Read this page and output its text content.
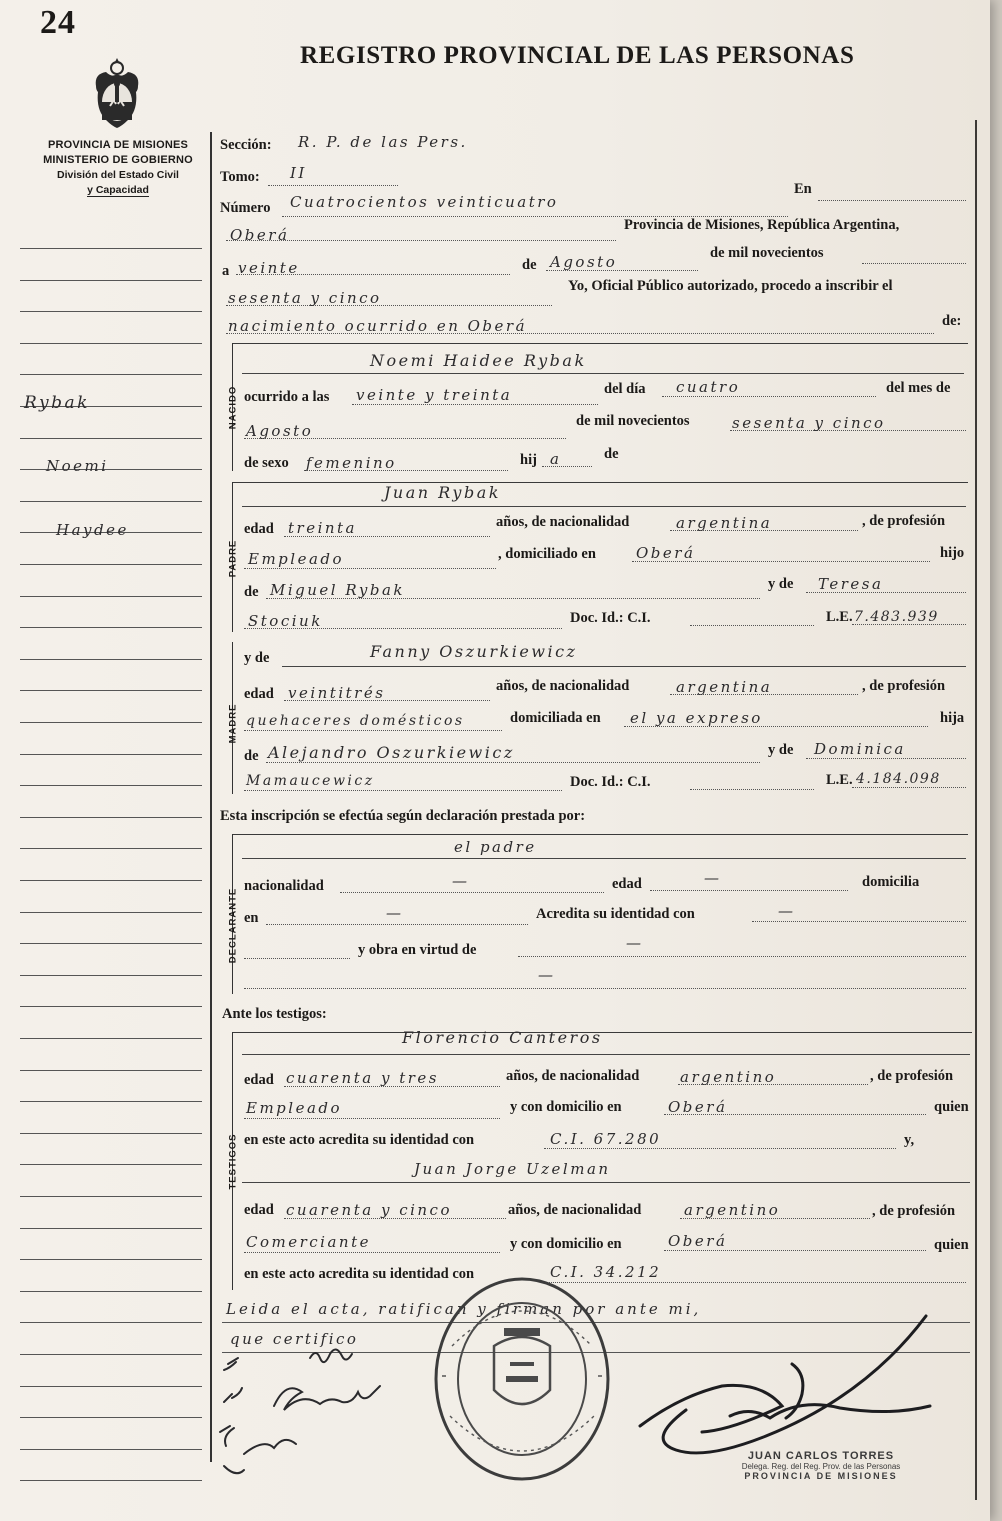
24
REGISTRO PROVINCIAL DE LAS PERSONAS
PROVINCIA DE MISIONES
MINISTERIO DE GOBIERNO
División del Estado Civil
y Capacidad
Rybak
Noemi
Haydee
Sección: R. P. de las Pers.
Tomo: II
Número Cuatrocientos veinticuatro
En
Oberá
Provincia de Misiones, República Argentina,
a veinte	de Agosto	de mil novecientos
sesenta y cinco
Yo, Oficial Público autorizado, procedo a inscribir el
nacimiento ocurrido en Oberá	de:
NACIDO
Noemi Haidee Rybak
ocurrido a las veinte y treinta	del día cuatro	del mes de
Agosto
de mil novecientos	sesenta y cinco
de sexo femenino	hij a	de
PADRE
Juan Rybak
edad treinta	años, de nacionalidad	argentina	, de profesión
Empleado	, domiciliado en	Oberá	hijo
de Miguel Rybak	y de Teresa
Stociuk	Doc. Id.: C.I.	L.E. 7.483.939
MADRE
y de	Fanny Oszurkiewicz
edad veintitrés	años, de nacionalidad	argentina	, de profesión
quehaceres domésticos	domiciliada en el ya expreso	hija
de Alejandro Oszurkiewicz	y de Dominica
Mamaucewicz	Doc. Id.: C.I.	L.E. 4.184.098
Esta inscripción se efectúa según declaración prestada por:
DECLARANTE
el padre
nacionalidad	—	edad	—	domicilia
en	—	Acredita su identidad con	—
y obra en virtud de	—
—
Ante los testigos:
TESTIGOS
Florencio Canteros
edad cuarenta y tres	años, de nacionalidad	argentino	, de profesión
Empleado	y con domicilio en	Oberá	quien
en este acto acredita su identidad con	C.I. 67.280	y,
Juan Jorge Uzelman
edad cuarenta y cinco	años, de nacionalidad	argentino	, de profesión
Comerciante	y con domicilio en	Oberá	quien
en este acto acredita su identidad con	C.I. 34.212
Leida el acta, ratifican y firman por ante mi,
que certifico
JUAN CARLOS TORRES
Delega. Reg. del Reg. Prov. de las Personas
PROVINCIA DE MISIONES
